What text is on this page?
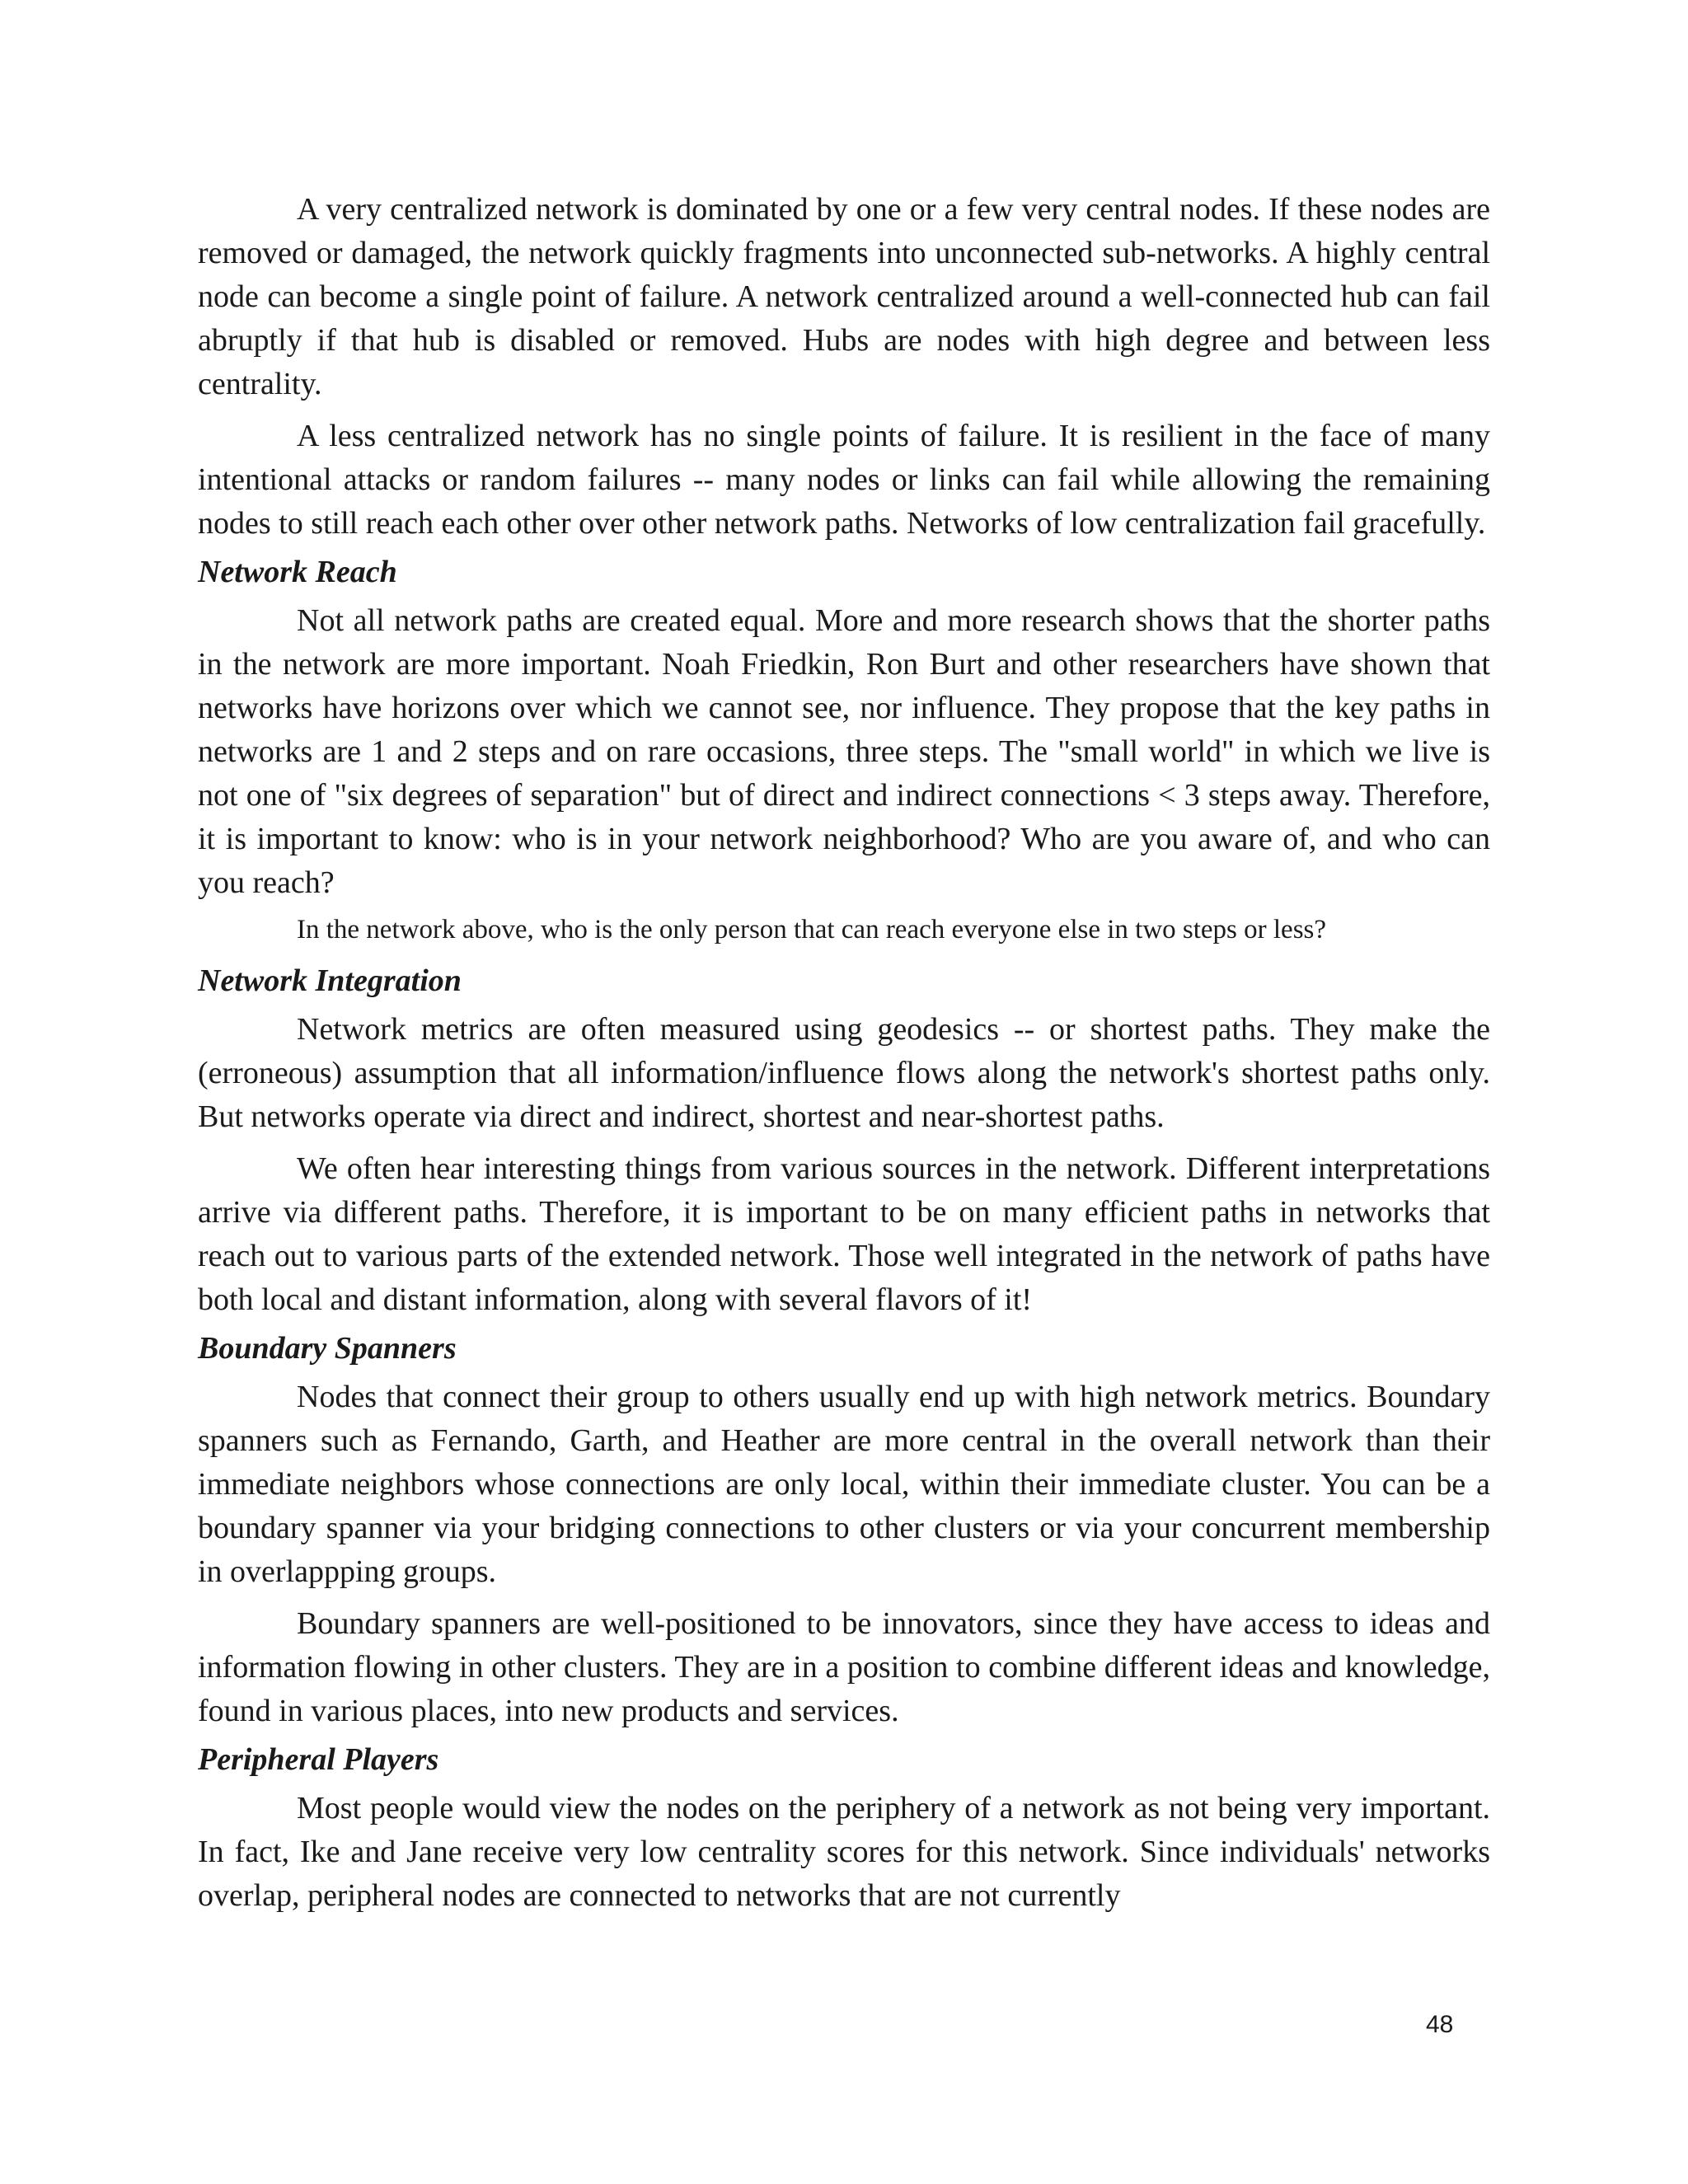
A very centralized network is dominated by one or a few very central nodes. If these nodes are removed or damaged, the network quickly fragments into unconnected sub-networks. A highly central node can become a single point of failure. A network centralized around a well-connected hub can fail abruptly if that hub is disabled or removed. Hubs are nodes with high degree and between less centrality.

A less centralized network has no single points of failure. It is resilient in the face of many intentional attacks or random failures -- many nodes or links can fail while allowing the remaining nodes to still reach each other over other network paths. Networks of low centralization fail gracefully.

Network Reach

Not all network paths are created equal. More and more research shows that the shorter paths in the network are more important. Noah Friedkin, Ron Burt and other researchers have shown that networks have horizons over which we cannot see, nor influence. They propose that the key paths in networks are 1 and 2 steps and on rare occasions, three steps. The "small world" in which we live is not one of "six degrees of separation" but of direct and indirect connections < 3 steps away. Therefore, it is important to know: who is in your network neighborhood? Who are you aware of, and who can you reach?

In the network above, who is the only person that can reach everyone else in two steps or less?
Network Integration

Network metrics are often measured using geodesics -- or shortest paths. They make the (erroneous) assumption that all information/influence flows along the network's shortest paths only. But networks operate via direct and indirect, shortest and near-shortest paths.

We often hear interesting things from various sources in the network. Different interpretations arrive via different paths. Therefore, it is important to be on many efficient paths in networks that reach out to various parts of the extended network. Those well integrated in the network of paths have both local and distant information, along with several flavors of it!

Boundary Spanners

Nodes that connect their group to others usually end up with high network metrics. Boundary spanners such as Fernando, Garth, and Heather are more central in the overall network than their immediate neighbors whose connections are only local, within their immediate cluster. You can be a boundary spanner via your bridging connections to other clusters or via your concurrent membership in overlappping groups.

Boundary spanners are well-positioned to be innovators, since they have access to ideas and information flowing in other clusters. They are in a position to combine different ideas and knowledge, found in various places, into new products and services.

Peripheral Players

Most people would view the nodes on the periphery of a network as not being very important. In fact, Ike and Jane receive very low centrality scores for this network. Since individuals' networks overlap, peripheral nodes are connected to networks that are not currently

48
